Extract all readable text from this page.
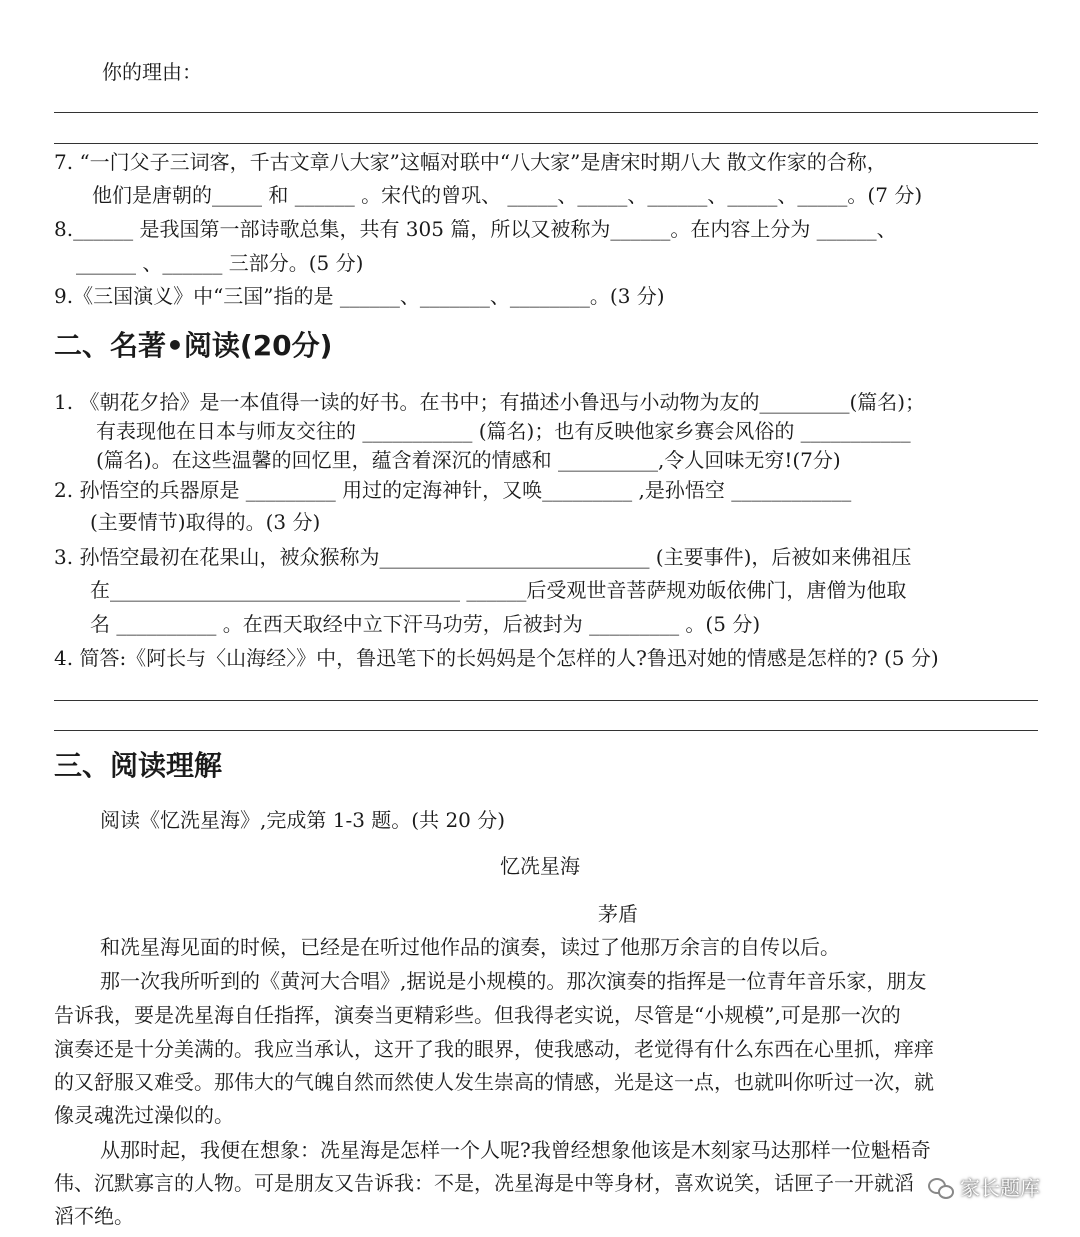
你的理由：
7. “一门父子三词客，千古文章八大家”这幅对联中“八大家”是唐宋时期八大 散文作家的合称，
他们是唐朝的_____ 和 ______ 。宋代的曾巩、 _____、_____、______、_____、_____。(7 分)
8.______ 是我国第一部诗歌总集，共有 305 篇，所以又被称为______。在内容上分为 ______、
______ 、______ 三部分。(5 分)
9.《三国演义》中“三国”指的是 ______、_______、________。(3 分)
二、名著•阅读(20分)
1. 《朝花夕拾》是一本值得一读的好书。在书中；有描述小鲁迅与小动物为友的_________(篇名)；
有表现他在日本与师友交往的 ___________ (篇名)；也有反映他家乡赛会风俗的 ___________
(篇名)。在这些温馨的回忆里，蕴含着深沉的情感和 __________,令人回味无穷!(7分)
2. 孙悟空的兵器原是 _________ 用过的定海神针，又唤_________ ,是孙悟空 ____________
(主要情节)取得的。(3 分)
3. 孙悟空最初在花果山，被众猴称为___________________________ (主要事件)，后被如来佛祖压
在___________________________________ ______后受观世音菩萨规劝皈依佛门，唐僧为他取
名 __________ 。在西天取经中立下汗马功劳，后被封为 _________ 。(5 分)
4. 简答:《阿长与〈山海经〉》中，鲁迅笔下的长妈妈是个怎样的人?鲁迅对她的情感是怎样的? (5 分)
三、阅读理解
阅读《忆洗星海》,完成第 1-3 题。(共 20 分)
忆冼星海
茅盾
和冼星海见面的时候，已经是在听过他作品的演奏，读过了他那万余言的自传以后。
那一次我所听到的《黄河大合唱》,据说是小规模的。那次演奏的指挥是一位青年音乐家，朋友
告诉我，要是冼星海自任指挥，演奏当更精彩些。但我得老实说，尽管是“小规模”,可是那一次的
演奏还是十分美满的。我应当承认，这开了我的眼界，使我感动，老觉得有什么东西在心里抓，痒痒
的又舒服又难受。那伟大的气魄自然而然使人发生崇高的情感，光是这一点，也就叫你听过一次，就
像灵魂洗过澡似的。
从那时起，我便在想象：冼星海是怎样一个人呢?我曾经想象他该是木刻家马达那样一位魁梧奇
伟、沉默寡言的人物。可是朋友又告诉我：不是，冼星海是中等身材，喜欢说笑，话匣子一开就滔
滔不绝。
家长题库
